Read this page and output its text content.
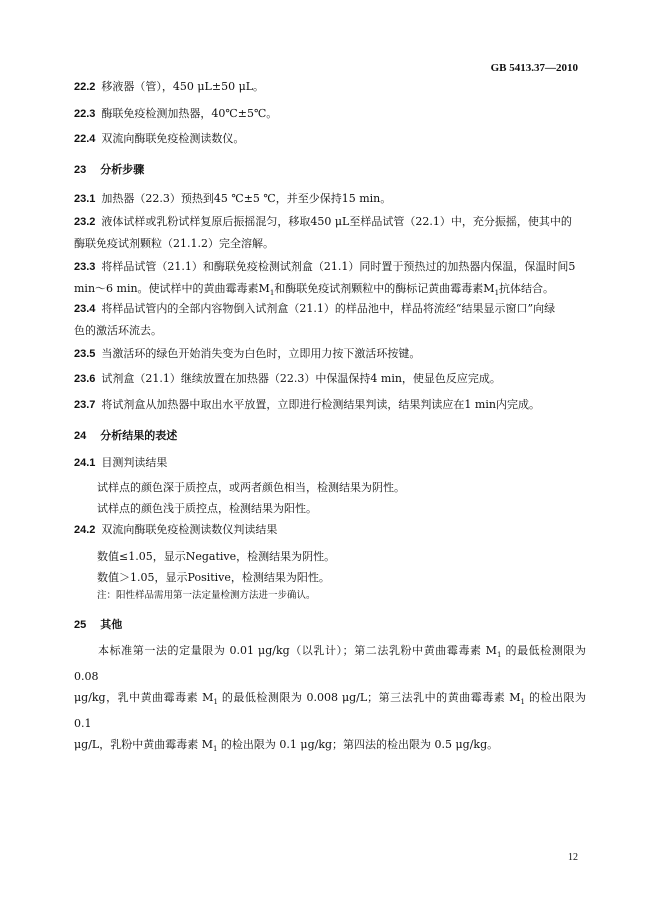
GB 5413.37—2010
22.2 移液器（管），450 μL±50 μL。
22.3 酶联免疫检测加热器，40℃±5℃。
22.4 双流向酶联免疫检测读数仪。
23 分析步骤
23.1 加热器（22.3）预热到45 ℃±5 ℃，并至少保持15 min。
23.2 液体试样或乳粉试样复原后振摇混匀，移取450 μL至样品试管（22.1）中，充分振摇，使其中的
酶联免疫试剂颗粒（21.1.2）完全溶解。
23.3 将样品试管（21.1）和酶联免疫检测试剂盒（21.1）同时置于预热过的加热器内保温，保温时间5
min～6 min。使试样中的黄曲霉毒素$M_1$和酶联免疫试剂颗粒中的酶标记黄曲霉毒素$M_1$抗体结合。
23.4 将样品试管内的全部内容物倒入试剂盒（21.1）的样品池中，样品将流经“结果显示窗口”向绿
色的激活环流去。
23.5 当激活环的绿色开始消失变为白色时，立即用力按下激活环按键。
23.6 试剂盒（21.1）继续放置在加热器（22.3）中保温保持4 min，使显色反应完成。
23.7 将试剂盒从加热器中取出水平放置，立即进行检测结果判读，结果判读应在1 min内完成。
24 分析结果的表述
24.1 目测判读结果
试样点的颜色深于质控点，或两者颜色相当，检测结果为阴性。
试样点的颜色浅于质控点，检测结果为阳性。
24.2 双流向酶联免疫检测读数仪判读结果
数值≤1.05，显示Negative，检测结果为阴性。
数值＞1.05，显示Positive，检测结果为阳性。
注：阳性样品需用第一法定量检测方法进一步确认。
25 其他
本标准第一法的定量限为 0.01 μg/kg（以乳计）；第二法乳粉中黄曲霉毒素 $M_1$ 的最低检测限为 0.08
μg/kg，乳中黄曲霉毒素 $M_1$ 的最低检测限为 0.008 μg/L；第三法乳中的黄曲霉毒素 $M_1$ 的检出限为 0.1
μg/L，乳粉中黄曲霉毒素 $M_1$ 的检出限为 0.1 μg/kg；第四法的检出限为 0.5 μg/kg。
12
